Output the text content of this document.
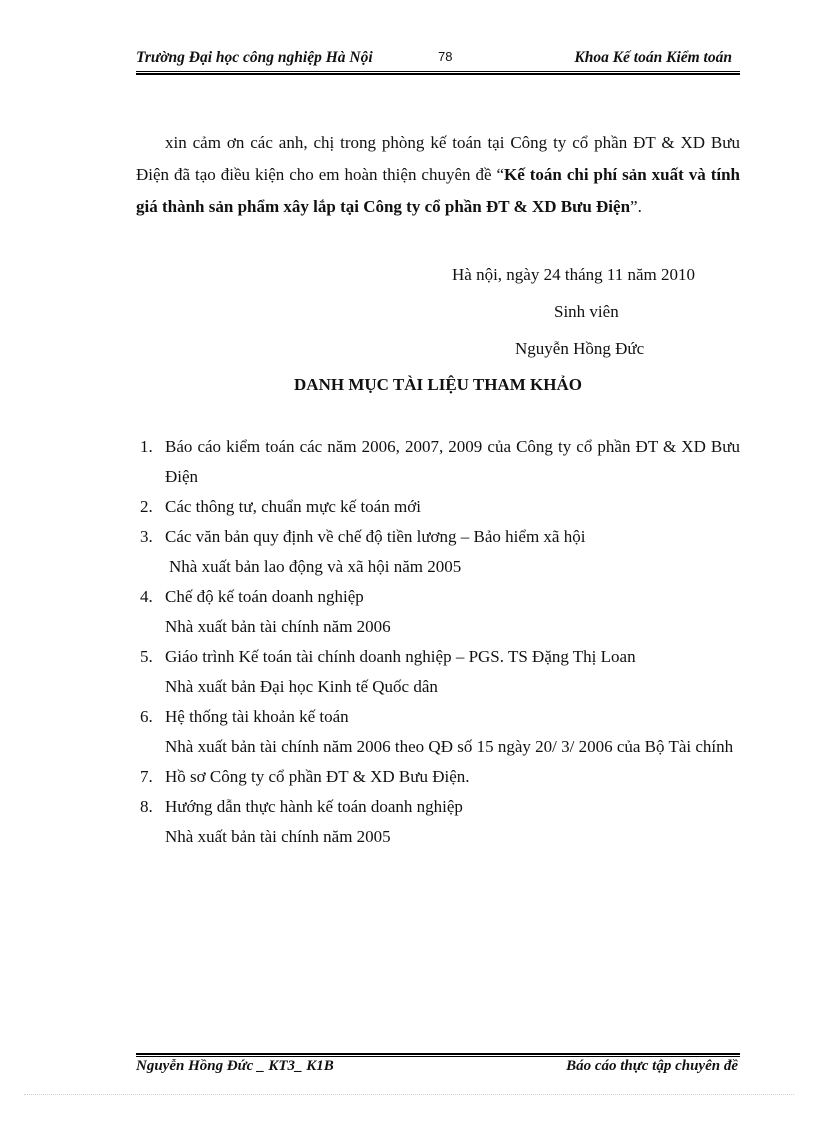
Trường Đại học công nghiệp Hà Nội	78	Khoa Kế toán Kiểm toán
xin cảm ơn các anh, chị trong phòng kế toán tại Công ty cổ phần ĐT & XD Bưu Điện đã tạo điều kiện cho em hoàn thiện chuyên đề “Kế toán chi phí sản xuất và tính giá thành sản phẩm xây lắp tại Công ty cổ phần ĐT & XD Bưu Điện”.
Hà nội, ngày 24 tháng 11 năm 2010
Sinh viên
Nguyễn Hồng Đức
DANH MỤC TÀI LIỆU THAM KHẢO
1. Báo cáo kiểm toán các năm 2006, 2007, 2009 của Công ty cổ phần ĐT & XD Bưu Điện
2. Các thông tư, chuẩn mực kế toán mới
3. Các văn bản quy định về chế độ tiền lương – Bảo hiểm xã hội
Nhà xuất bản lao động và xã hội năm 2005
4. Chế độ kế toán doanh nghiệp
Nhà xuất bản tài chính năm 2006
5. Giáo trình Kế toán tài chính doanh nghiệp – PGS. TS Đặng Thị Loan
Nhà xuất bản Đại học Kinh tế Quốc dân
6. Hệ thống tài khoản kế toán
Nhà xuất bản tài chính năm 2006 theo QĐ số 15 ngày 20/ 3/ 2006 của Bộ Tài chính
7. Hồ sơ Công ty cổ phần ĐT & XD Bưu Điện.
8. Hướng dẫn thực hành kế toán doanh nghiệp
Nhà xuất bản tài chính năm 2005
Nguyễn Hồng Đức _ KT3_ K1B	Báo cáo thực tập chuyên đề
